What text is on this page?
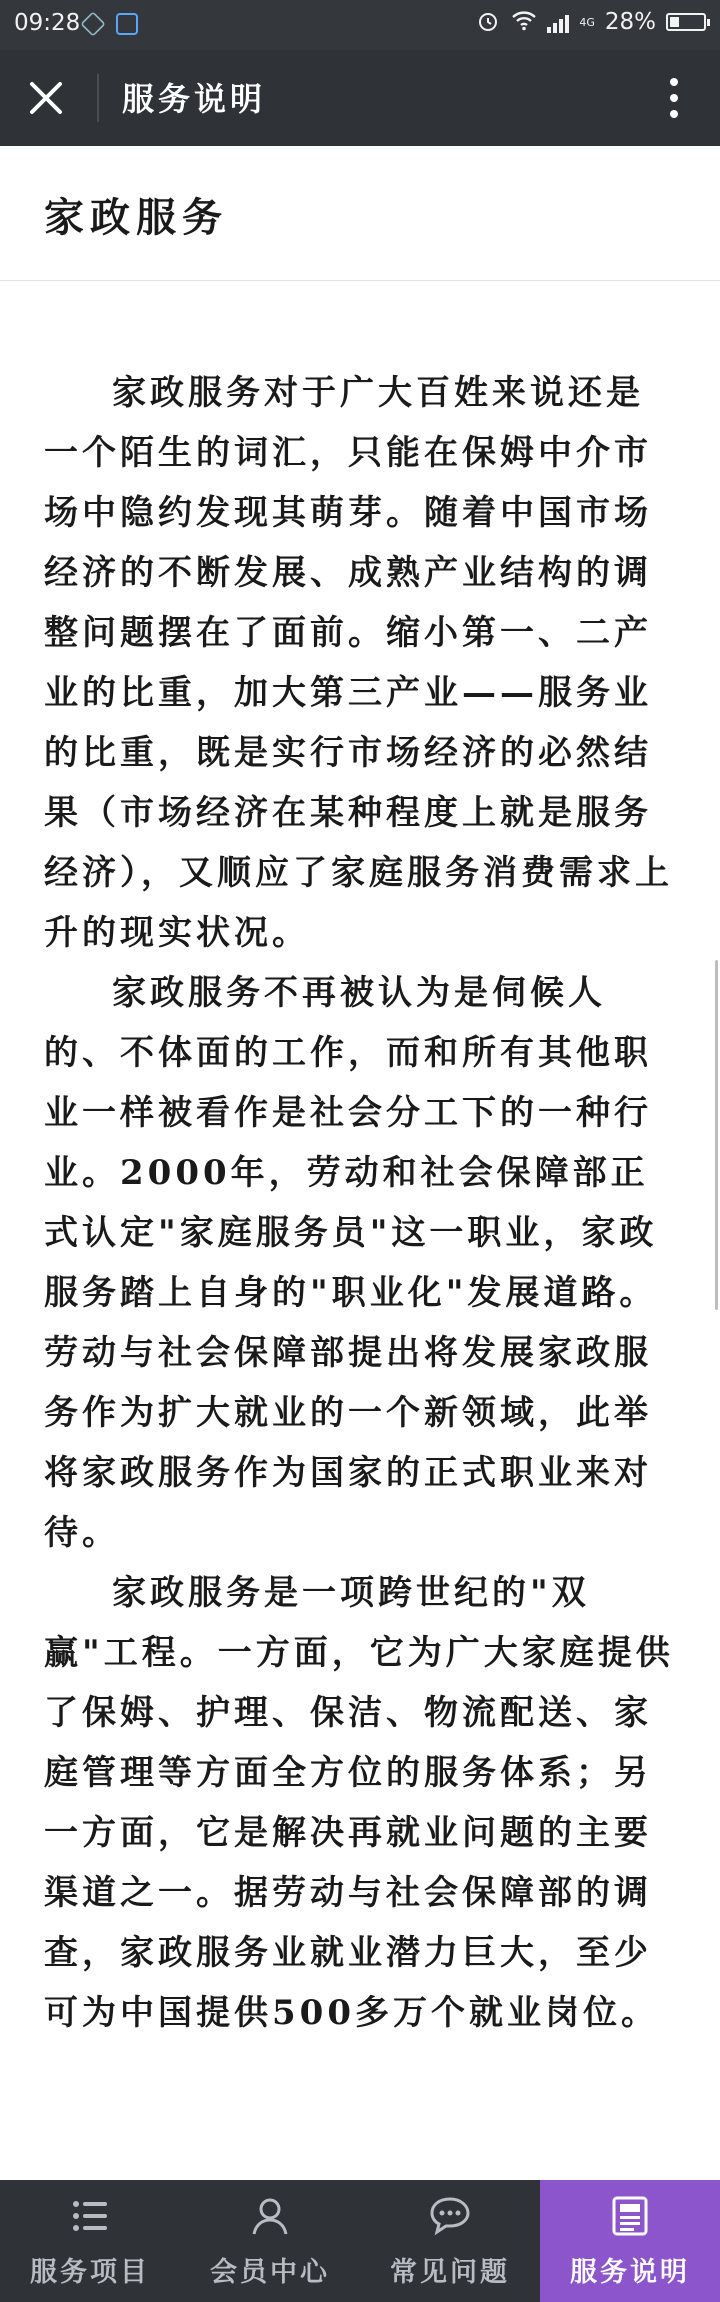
09:28	4G 28%
服务说明
家政服务

家政服务对于广大百姓来说还是一个陌生的词汇，只能在保姆中介市场中隐约发现其萌芽。随着中国市场经济的不断发展、成熟产业结构的调整问题摆在了面前。缩小第一、二产业的比重，加大第三产业——服务业的比重，既是实行市场经济的必然结果（市场经济在某种程度上就是服务经济），又顺应了家庭服务消费需求上升的现实状况。

家政服务不再被认为是伺候人的、不体面的工作，而和所有其他职业一样被看作是社会分工下的一种行业。2000年，劳动和社会保障部正式认定"家庭服务员"这一职业，家政服务踏上自身的"职业化"发展道路。劳动与社会保障部提出将发展家政服务作为扩大就业的一个新领域，此举将家政服务作为国家的正式职业来对待。

家政服务是一项跨世纪的"双赢"工程。一方面，它为广大家庭提供了保姆、护理、保洁、物流配送、家庭管理等方面全方位的服务体系；另一方面，它是解决再就业问题的主要渠道之一。据劳动与社会保障部的调查，家政服务业就业潜力巨大，至少可为中国提供500多万个就业岗位。

服务项目	会员中心	常见问题	服务说明
